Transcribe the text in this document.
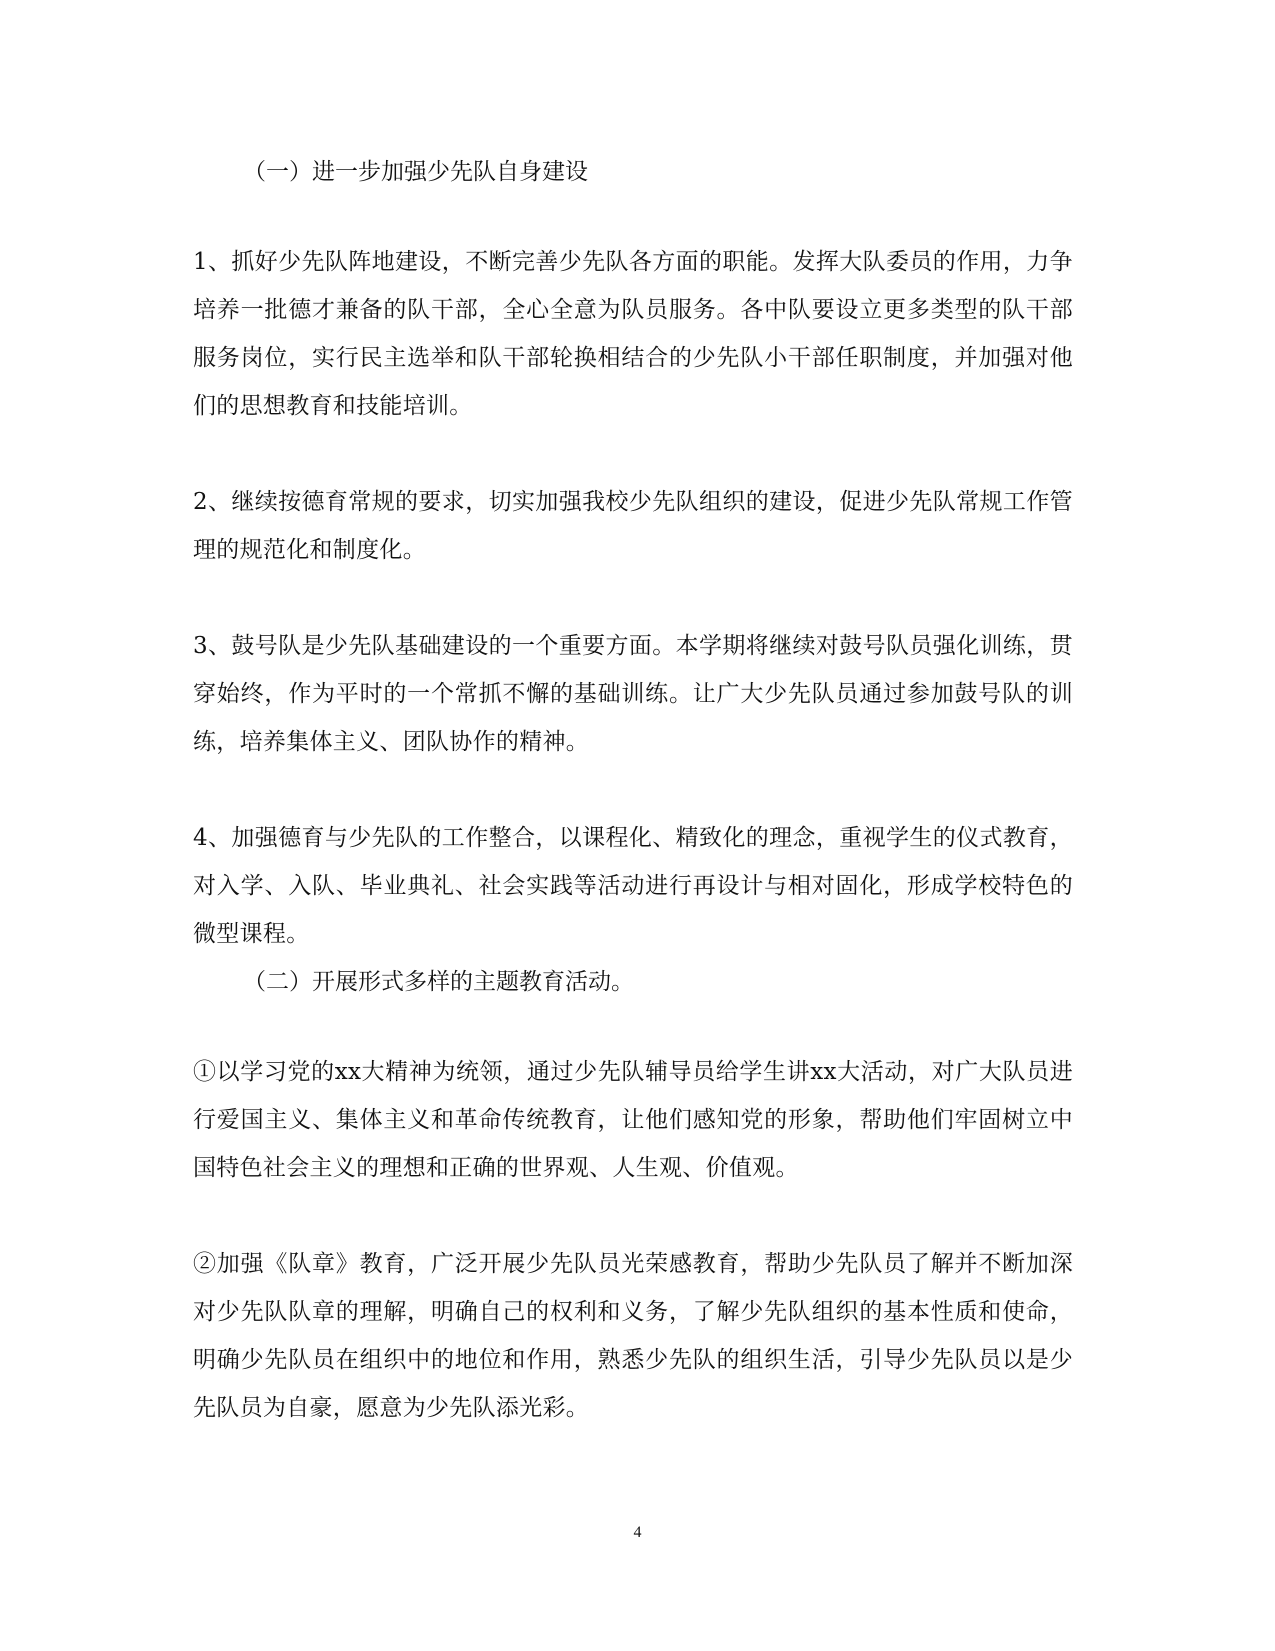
（一）进一步加强少先队自身建设

1、抓好少先队阵地建设，不断完善少先队各方面的职能。发挥大队委员的作用，力争培养一批德才兼备的队干部，全心全意为队员服务。各中队要设立更多类型的队干部服务岗位，实行民主选举和队干部轮换相结合的少先队小干部任职制度，并加强对他们的思想教育和技能培训。

2、继续按德育常规的要求，切实加强我校少先队组织的建设，促进少先队常规工作管理的规范化和制度化。

3、鼓号队是少先队基础建设的一个重要方面。本学期将继续对鼓号队员强化训练，贯穿始终，作为平时的一个常抓不懈的基础训练。让广大少先队员通过参加鼓号队的训练，培养集体主义、团队协作的精神。

4、加强德育与少先队的工作整合，以课程化、精致化的理念，重视学生的仪式教育，对入学、入队、毕业典礼、社会实践等活动进行再设计与相对固化，形成学校特色的微型课程。

（二）开展形式多样的主题教育活动。

①以学习党的xx大精神为统领，通过少先队辅导员给学生讲xx大活动，对广大队员进行爱国主义、集体主义和革命传统教育，让他们感知党的形象，帮助他们牢固树立中国特色社会主义的理想和正确的世界观、人生观、价值观。

②加强《队章》教育，广泛开展少先队员光荣感教育，帮助少先队员了解并不断加深对少先队队章的理解，明确自己的权利和义务，了解少先队组织的基本性质和使命，明确少先队员在组织中的地位和作用，熟悉少先队的组织生活，引导少先队员以是少先队员为自豪，愿意为少先队添光彩。

4
